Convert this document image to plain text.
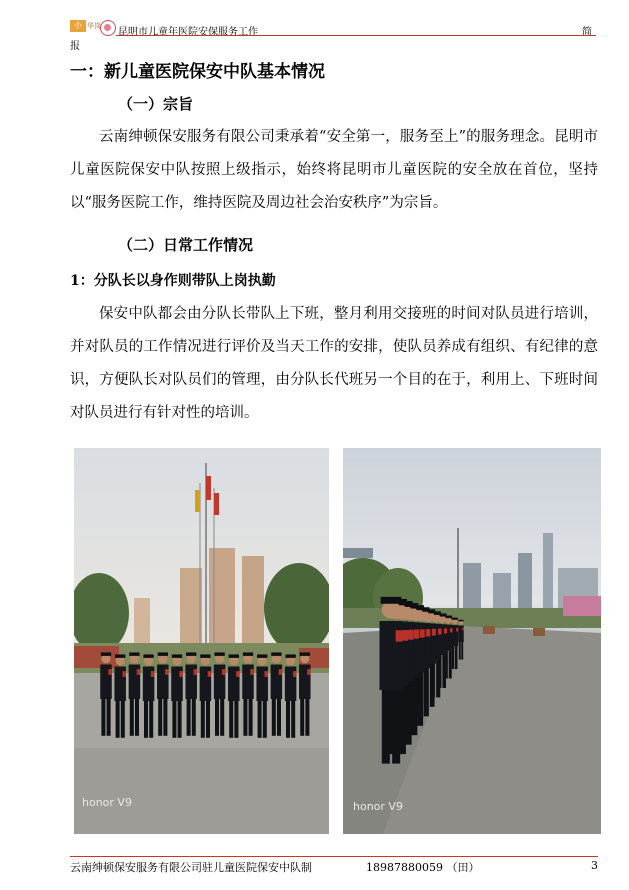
小 华岗
昆明市儿童年医院安保服务工作	简
报
一：新儿童医院保安中队基本情况
（一）宗旨
云南绅顿保安服务有限公司秉承着“安全第一，服务至上”的服务理念。昆明市儿童医院保安中队按照上级指示，始终将昆明市儿童医院的安全放在首位，坚持以“服务医院工作，维持医院及周边社会治安秩序”为宗旨。
（二）日常工作情况
1：分队长以身作则带队上岗执勤
保安中队都会由分队长带队上下班，整月利用交接班的时间对队员进行培训，并对队员的工作情况进行评价及当天工作的安排，使队员养成有组织、有纪律的意识，方便队长对队员们的管理，由分队长代班另一个目的在于，利用上、下班时间对队员进行有针对性的培训。
honor V9	honor V9
云南绅顿保安服务有限公司驻儿童医院保安中队制	18987880059 （田）	3
